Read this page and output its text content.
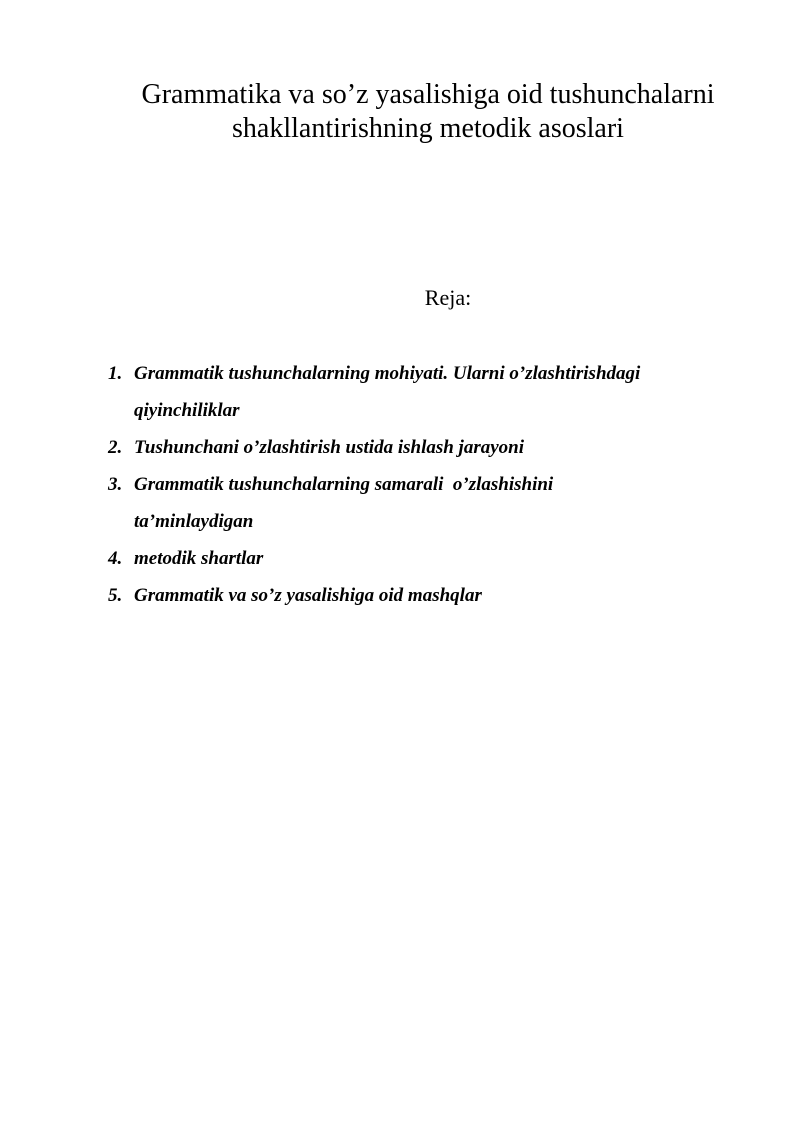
Grammatika va so’z yasalishiga oid tushunchalarni
shakllantirishning metodik asoslari
Reja:
1. Grammatik tushunchalarning mohiyati. Ularni o’zlashtirishdagi
qiyinchiliklar
2. Tushunchani o’zlashtirish ustida ishlash jarayoni
3. Grammatik tushunchalarning samarali  o’zlashishini
ta’minlaydigan
4. metodik shartlar
5. Grammatik va so’z yasalishiga oid mashqlar
